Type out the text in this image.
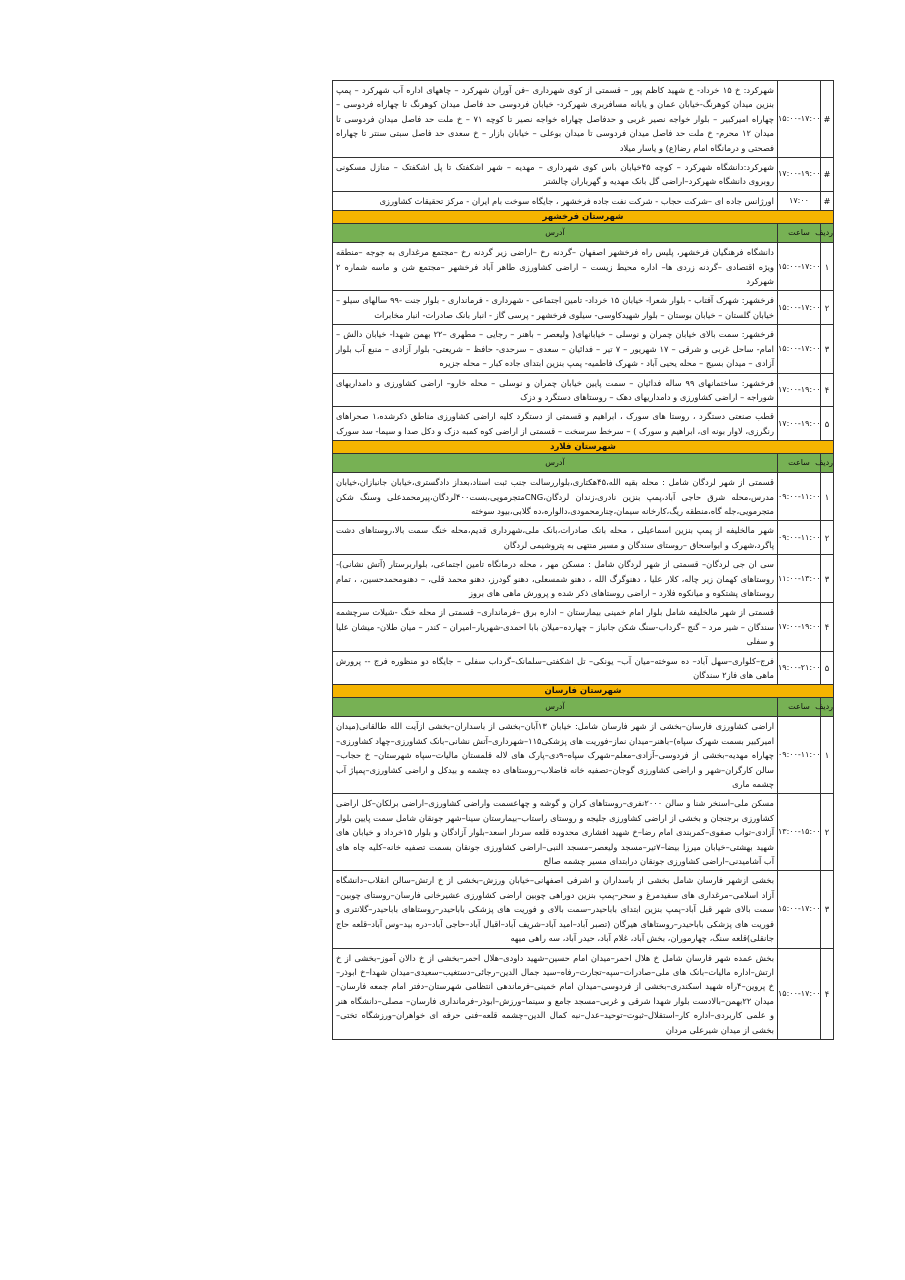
#	۱۵:۰۰-۱۷:۰۰	شهرکرد: خ ۱۵ خرداد- خ شهید کاظم پور – قسمتی از کوی شهرداری –فن آوران شهرکرد – چاههای اداره آب شهرکرد – پمپ بنزین میدان کوهرنگ-خیابان عمان و یابانه مسافربری شهرکرد- خیابان فردوسی حد فاصل میدان کوهرنگ تا چهاراه فردوسی – چهاراه امیرکبیر – بلوار خواجه نصیر غربی و حدفاصل چهاراه خواجه نصیر تا کوچه ۷۱ – خ ملت حد فاصل میدان فردوسی تا میدان ۱۲ محرم- خ ملت حد فاصل میدان فردوسی تا میدان بوعلی – خیابان بازار – خ سعدی حد فاصل سبتی سنتر تا چهاراه فصحتی و درمانگاه امام رضا(ع) و یاسار میلاد
#	۱۷:۰۰-۱۹:۰۰	شهرکرد:دانشگاه شهرکرد – کوچه ۴۵خیابان باس کوی شهرداری – مهدیه – شهر اشکفتک تا پل اشکفتک – منازل مسکونی روبروی دانشگاه شهرکرد–اراضی گل بانک مهدیه و گهرباران چالشتر
#	۱۷:۰۰	اورژانس جاده ای –شرکت حجاب - شرکت نفت جاده فرخشهر ، جایگاه سوخت بام ایران - مرکز تحقیقات کشاورزی
شهرستان فرخشهر		
ردیف	ساعت	آدرس
۱	۱۵:۰۰-۱۷:۰۰	دانشگاه فرهنگیان فرخشهر، پلیس راه فرخشهر اصفهان –گردنه رخ –اراضی زیر گردنه رخ –مجتمع مرغداری به جوجه –منطقه ویژه اقتصادی –گردنه زردی ها– اداره محیط زیست – اراضی کشاورزی طاهر آباد فرخشهر –مجتمع شن و ماسه شماره ۲ شهرکرد
۲	۱۵:۰۰-۱۷:۰۰	فرخشهر: شهرک آفتاب - بلوار شعرا- خیابان ۱۵ خرداد- تامین اجتماعی - شهرداری - فرمانداری - بلوار جنت -۹۹ سالهای سیلو – خیابان گلستان – خیابان بوستان – بلوار شهیدکاوسی- سیلوی فرخشهر - پرسی گاز - انبار بانک صادرات- انبار مخابرات
۳	۱۵:۰۰-۱۷:۰۰	فرخشهر: سمت بالای خیابان چمران و نوسلی – خیابانهای( ولیعصر – باهنر – رجایی – مطهری –۲۲ بهمن شهدا- خیابان دالش – امام- ساحل غربی و شرقی – ۱۷ شهریور – ۷ تیر – فدائیان – سعدی – سرحدی- حافظ – شریعتی- بلوار آزادی – منبع آب بلوار آزادی – میدان بسیج – محله یحیی آباد - شهرک فاطمیه- پمپ بنزین ابتدای جاده کبار – محله جزیره
۴	۱۷:۰۰-۱۹:۰۰	فرخشهر: ساختمانهای ۹۹ ساله فدائیان – سمت پایین خیابان چمران و نوسلی – محله خارو– اراضی کشاورزی و دامداریهای شوراجه – اراضی کشاورزی و دامداریهای دهک – روستاهای دستگرد و دزک
۵	۱۷:۰۰-۱۹:۰۰	قطب صنعتی دستگرد ، روستا های سورک ، ابراهیم و قسمتی از دستگرد کلیه اراضی کشاورزی مناطق ذکرشده،۱ صحراهای رنگرزی، لاوار بونه ای، ابراهیم و سورک ) – سرخط سرسخت – قسمتی از اراضی کوه کمبه دزک و دکل صدا و سیما- سد سورک
شهرستان فلارد		
ردیف	ساعت	آدرس
۱	۰۹:۰۰-۱۱:۰۰	قسمتی از شهر لردگان شامل : محله بقیه الله،۴۵هکتاری،بلواررسالت جنب ثبت اسناد،بعداز دادگستری،خیابان جانبازان،خیابان مدرس،محله شرق حاجی آباد،پمپ بنزین نادری،زندان لردگان،CNGمتجرمویی،بست۴۰۰لردگان،پیرمحمدعلی وسنگ شکن متجرمویی،جله گاه،منطقه ریگ،کارخانه سیمان،چنارمحمودی،دالواره،ده گلابی،بیود سوخته
۲	۰۹:۰۰-۱۱:۰۰	شهر مالخلیفه از پمپ بنزین اسماعیلی ، محله بانک صادرات،بانک ملی،شهرداری قدیم،محله خنگ سمت بالا،روستاهای دشت پاگرد،شهرک و ابواسحاق –روستای سندگان و مسیر منتهی به پتروشیمی لردگان
۳	۱۱:۰۰-۱۳:۰۰	سی ان جی لردگان– قسمتی از شهر لردگان شامل : مسکن مهر ، محله درمانگاه تامین اجتماعی، بلواربرستار (آتش نشانی)- روستاهای کهمان زیر چاله، کلار علیا ، دهنوگرگ الله ، دهنو شمسعلی، دهنو گودرز، دهنو محمد قلی، – دهنومحمدحسین، ، تمام روستاهای پشتکوه و میانکوه فلارد – اراضی روستاهای ذکر شده و پرورش ماهی های بروز
۴	۱۷:۰۰-۱۹:۰۰	قسمتی از شهر مالخلیفه شامل بلوار امام خمینی بیمارستان – اداره برق –فرمانداری– قسمتی از محله خنگ -شیلات سرچشمه سندگان – شیر مرد – گنج –گرداب-سنگ شکن جانباز – چهارده–میلان بابا احمدی-شهریار–امیران – کندر – میان طلان- میشان علیا و سفلی
۵	۱۹:۰۰-۲۱:۰۰	فرج–کلواری–سهل آباد– ده سوخته–میان آب– یونکی– تل اشکفتی–سلمانک–گرداب سفلی – جایگاه دو منظوره فرج -- پرورش ماهی های فاز۲ سندگان
شهرستان فارسان		
ردیف	ساعت	آدرس
۱	۰۹:۰۰-۱۱:۰۰	اراضی کشاورزی فارسان–بخشی از شهر فارسان شامل: خیابان ۱۳آبان–بخشی از باسداران–بخشی ازآیت الله طالقانی(میدان امیرکبیر بسمت شهرک سپاه)–باهنر–میدان نماز–فوریت های پزشکی۱۱۵–شهرداری–آتش نشانی–بانک کشاورزی–چهاد کشاورزی–چهاراه مهدیه–بخشی از فردوسی–آزادی–معلم–شهرک سپاه–۹دی–پارک های لاله قلمستان مالیات–سپاه شهرستان– خ حجاب–سالن کارگران–شهر و اراضی کشاورزی گوجان–تصفیه خانه فاضلاب–روستاهای ده چشمه و بیدکل و اراضی کشاورزی–پمپاژ آب چشمه ماری
۲	۱۳:۰۰-۱۵:۰۰	مسکن ملی–اسنخر شنا و سالن ۲۰۰۰نفری–روستاهای کران و گوشه و چهاعسمت واراضی کشاورزی–اراضی برلکان–کل اراضی کشاورزی برجنجان و بخشی از اراضی کشاورزی جلیجه و روستای راستاب–بیمارستان سینا–شهر جونقان شامل سمت پایین بلوار آزادی–تواب صفوی–کمربندی امام رضا–خ شهید افشاری محدوده قلعه سردار اسعد–بلوار آزادگان و بلوار ۱۵خرداد و خیابان های شهید بهشتی–خیابان میرزا بیضا–۷تیر–مسجد ولیعصر–مسجد النبی–اراضی کشاورزی جونقان بسمت تصفیه خانه–کلیه چاه های آب آشامیدنی–اراضی کشاورزی جونقان درابتدای مسیر چشمه صالح
۳	۱۵:۰۰-۱۷:۰۰	بخشی ازشهر فارسان شامل بخشی از باسداران و اشرفی اصفهانی–خیابان ورزش–بخشی از خ ارتش–سالن انقلاب–دانشگاه آزاد اسلامی–مرغداری های سفیدمرغ و سحر–پمپ بنزین دوراهی چوبین اراضی کشاورزی عشیرخانی فارسان–روستای چوبین– سمت بالای شهر قبل آباد–پمپ بنزین ابتدای باباحیدر–سمت بالای و فوریت های پزشکی باباحیدر–روستاهای باباحیدر–گلانتری و فوریت های پزشکی باباحیدر–روستاهای هیرگان (تصبر آباد–امید آباد–شریف آباد–اقبال آباد–حاجی آباد–دره بید–وس آباد–قلعه حاج جانقلی)قلعه سنگ، چهارموران، بخش آباد، غلام آباد، حیدر آباد، سه راهی میهه
۴	۱۵:۰۰-۱۷:۰۰	بخش عمده شهر فارسان شامل خ هلال احمر–میدان امام حسین–شهید داودی–هلال احمر–بخشی از خ دالان آموز–بخشی از خ ارتش–اداره مالیات–بانک های ملی–صادرات–سپه–تجارت–رفاه–سید جمال الدین–رجائی–دستغیب–سعیدی–میدان شهدا–خ ابوذر–خ پروین–۴راه شهید اسکندری–بخشی از فردوسی–میدان امام خمینی–فرماندهی انتظامی شهرستان–دفتر امام جمعه فارسان–میدان ۲۲بهمن–بالادست بلوار شهدا شرقی و غربی–مسجد جامع و سینما–ورزش–ابوذر–فرمانداری فارسان– مصلی–دانشگاه هنر و علمی کاربردی–اداره کار–استقلال–ثبوت–توحید–عدل–نبه کمال الدین–چشمه قلعه–فنی حرفه ای خواهران–ورزشگاه تختی–بخشی از میدان شیرعلی مردان
